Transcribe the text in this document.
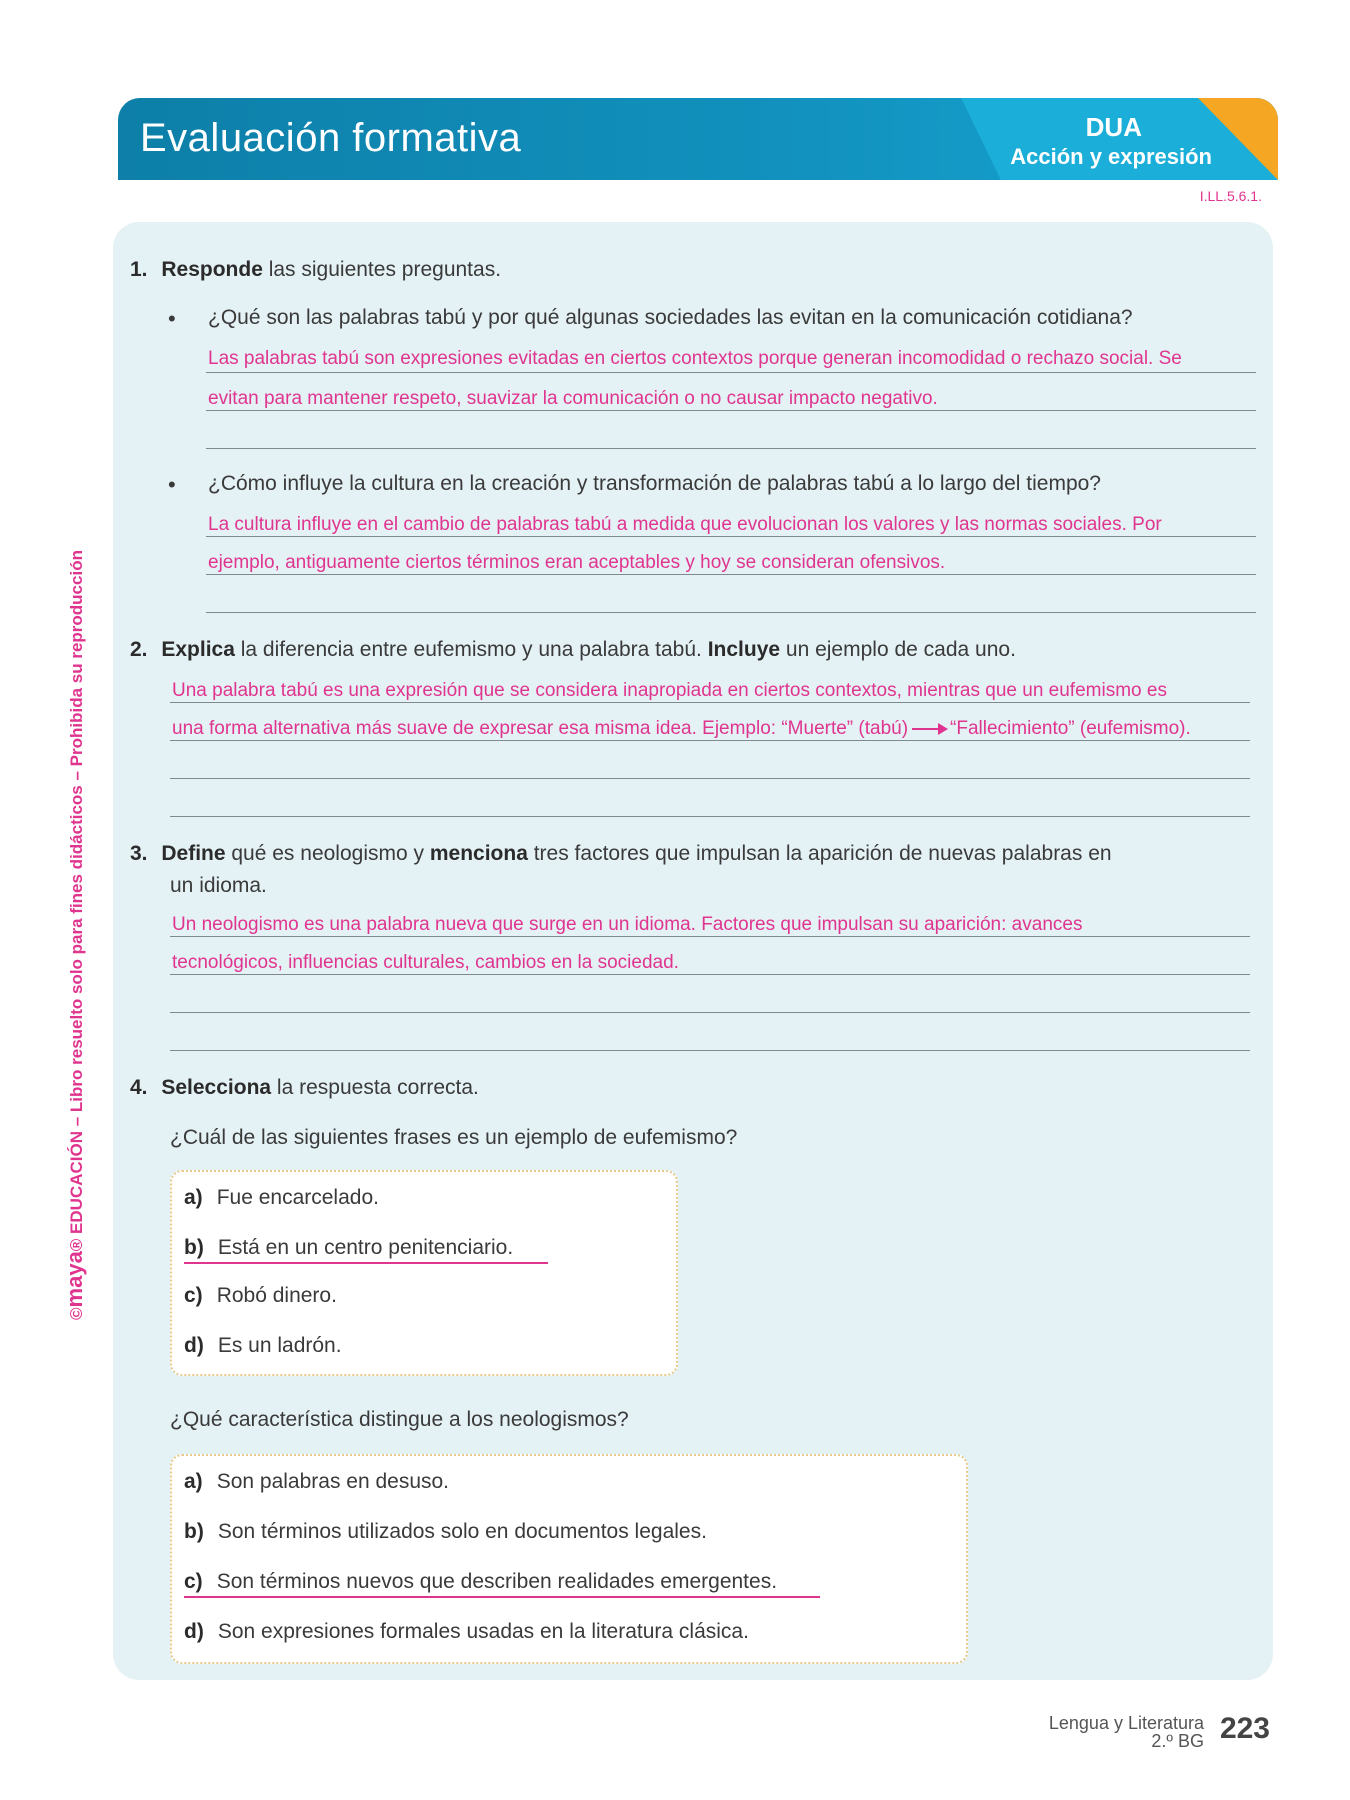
Evaluación formativa	DUA
Acción y expresión
I.LL.5.6.1.
©maya® EDUCACIÓN – Libro resuelto solo para fines didácticos – Prohibida su reproducción
1. Responde las siguientes preguntas.
• ¿Qué son las palabras tabú y por qué algunas sociedades las evitan en la comunicación cotidiana?
Las palabras tabú son expresiones evitadas en ciertos contextos porque generan incomodidad o rechazo social. Se
evitan para mantener respeto, suavizar la comunicación o no causar impacto negativo.
• ¿Cómo influye la cultura en la creación y transformación de palabras tabú a lo largo del tiempo?
La cultura influye en el cambio de palabras tabú a medida que evolucionan los valores y las normas sociales. Por
ejemplo, antiguamente ciertos términos eran aceptables y hoy se consideran ofensivos.
2. Explica la diferencia entre eufemismo y una palabra tabú. Incluye un ejemplo de cada uno.
Una palabra tabú es una expresión que se considera inapropiada en ciertos contextos, mientras que un eufemismo es
una forma alternativa más suave de expresar esa misma idea. Ejemplo: “Muerte” (tabú) “Fallecimiento” (eufemismo).
3. Define qué es neologismo y menciona tres factores que impulsan la aparición de nuevas palabras en
un idioma.
Un neologismo es una palabra nueva que surge en un idioma. Factores que impulsan su aparición: avances
tecnológicos, influencias culturales, cambios en la sociedad.
4. Selecciona la respuesta correcta.
¿Cuál de las siguientes frases es un ejemplo de eufemismo?
a) Fue encarcelado.
b) Está en un centro penitenciario.
c) Robó dinero.
d) Es un ladrón.
¿Qué característica distingue a los neologismos?
a) Son palabras en desuso.
b) Son términos utilizados solo en documentos legales.
c) Son términos nuevos que describen realidades emergentes.
d) Son expresiones formales usadas en la literatura clásica.
Lengua y Literatura
2.º BG 223
